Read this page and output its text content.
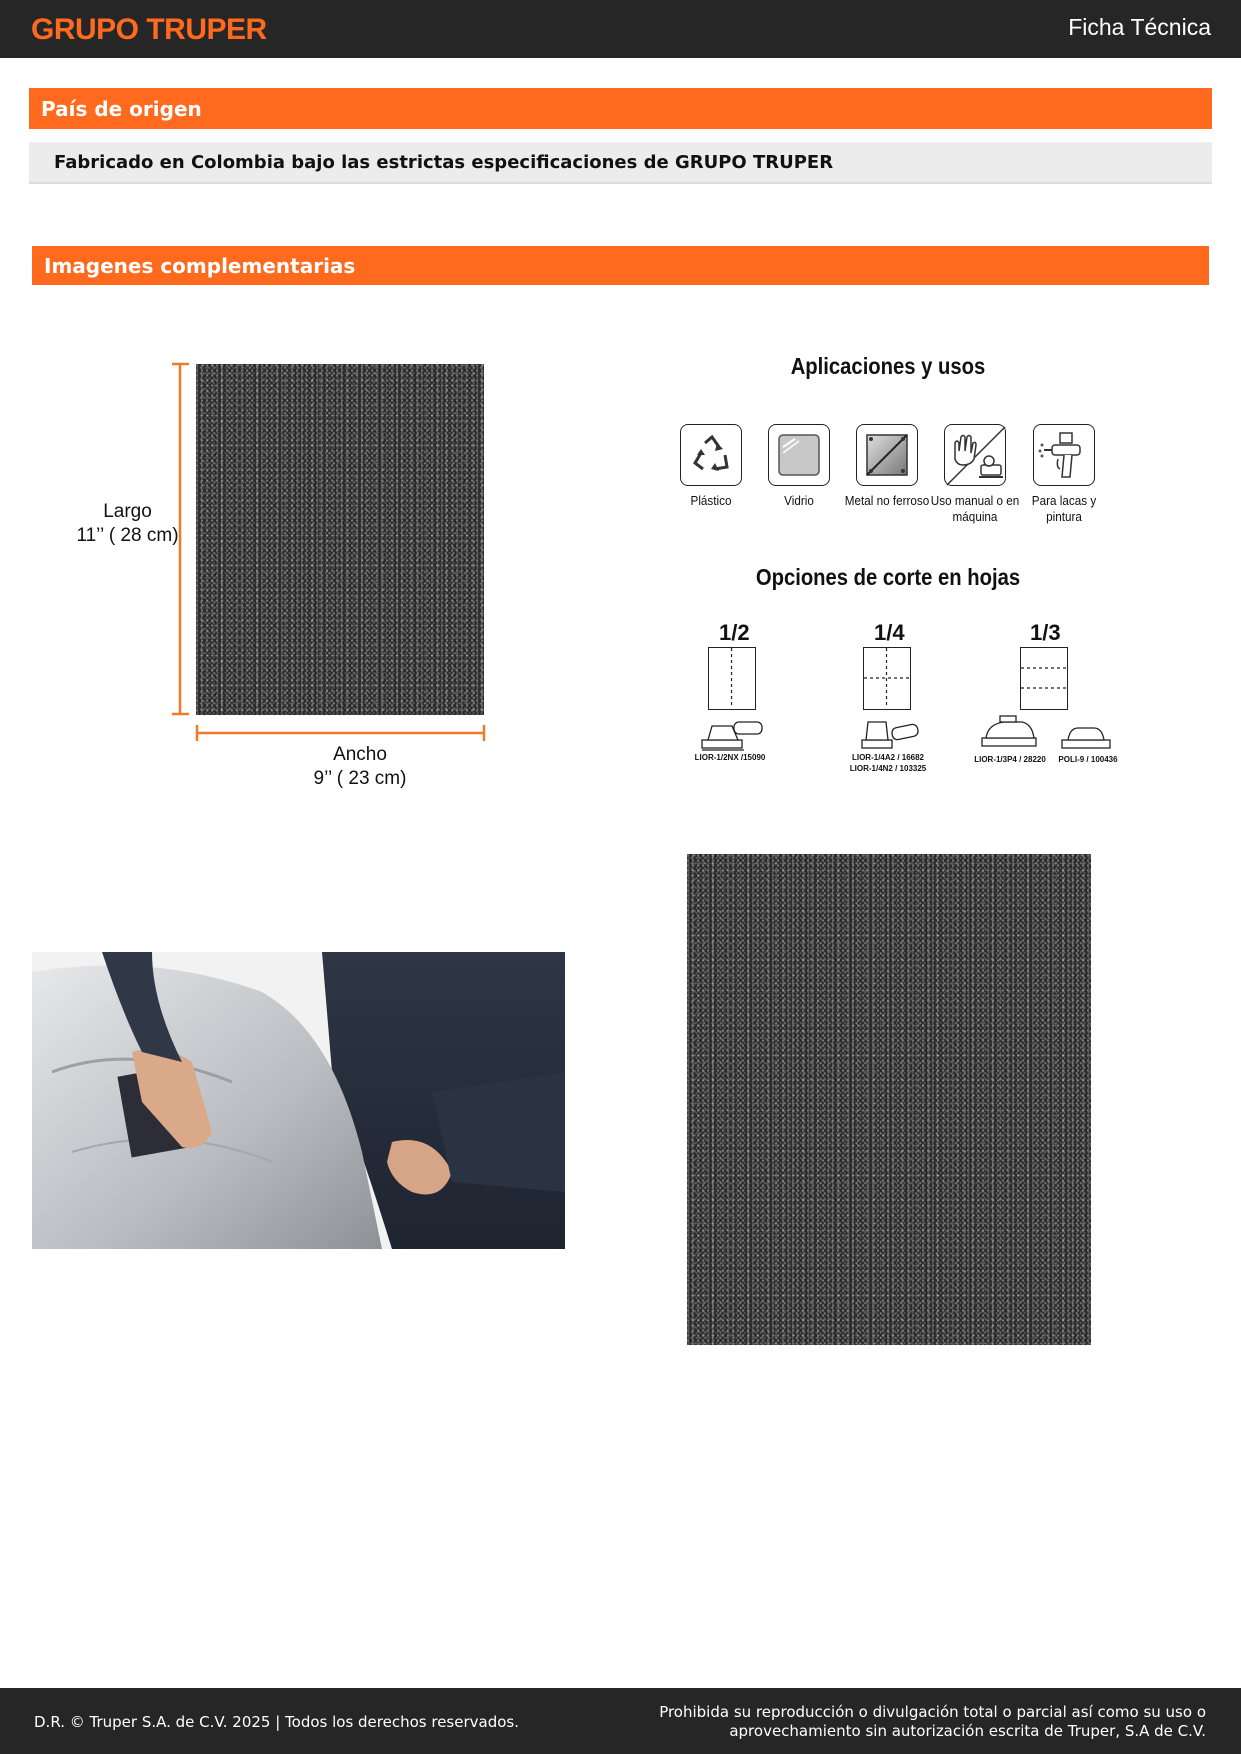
GRUPO TRUPER	Ficha Técnica
País de origen
Fabricado en Colombia bajo las estrictas especificaciones de GRUPO TRUPER
Imagenes complementarias
Largo
11’’ ( 28 cm)
Ancho
9’’ ( 23 cm)
Aplicaciones y usos
Plástico	Vidrio	Metal no ferroso Uso manual o en máquina
Para lacas y pintura
Opciones de corte en hojas
1/2	1/4	1/3
LIOR-1/2NX /15090	LIOR-1/4A2 / 16682
LIOR-1/4N2 / 103325
LIOR-1/3P4 / 28220	POLI-9 / 100436
D.R. © Truper S.A. de C.V. 2025 | Todos los derechos reservados.
Prohibida su reproducción o divulgación total o parcial así como su uso o
aprovechamiento sin autorización escrita de Truper, S.A de C.V.
